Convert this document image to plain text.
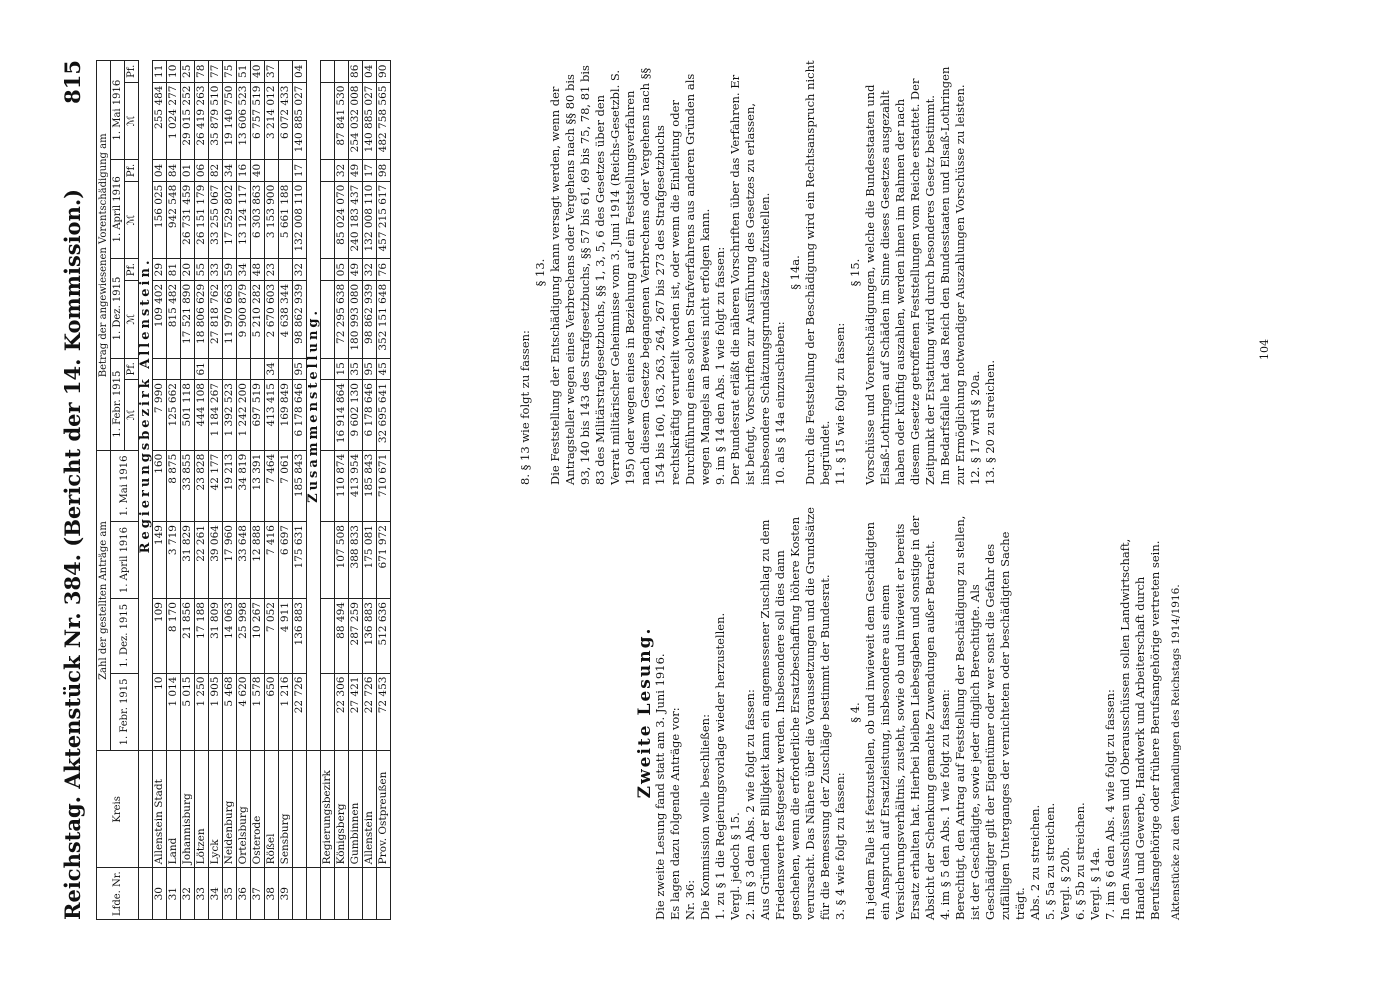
Reichstag. Aktenstück Nr. 384. (Bericht der 14. Kommission.)
815
Lfde. Nr.	Kreis	Zahl der gestellten Anträge am				Betrag der angewiesenen Vorentschädigung am							
		1. Febr. 1915	1. Dez. 1915	1. April 1916	1. Mai 1916	1. Febr. 1915		1. Dez. 1915		1. April 1916		1. Mai 1916	
						ℳ	Pf.	ℳ	Pf.	ℳ	Pf.	ℳ	Pf.
		Regierungsbezirk Allenstein.											
30	Allenstein Stadt	10	109	149	160	7 990		109 402	29	156 025	04	255 484	11
31	Land	1 014	8 170	3 719	8 875	125 662		815 482	81	942 548	84	1 024 277	10
32	Johannisburg	5 015	21 856	31 829	33 855	501 118		17 521 890	20	26 731 459	01	29 015 252	25
33	Lötzen	1 250	17 188	22 261	23 828	444 108	61	18 806 629	55	26 151 179	06	26 419 263	78
34	Lyck	1 905	31 809	39 064	42 177	1 184 267		27 818 762	33	33 255 067	82	35 879 510	77
35	Neidenburg	5 468	14 063	17 960	19 213	1 392 523		11 970 663	59	17 529 802	34	19 140 750	75
36	Ortelsburg	4 620	25 998	33 648	34 819	1 242 200		9 900 879	34	13 124 117	16	13 606 523	51
37	Osterode	1 578	10 267	12 888	13 391	697 519		5 210 282	48	6 303 863	40	6 757 519	40
38	Rößel	650	7 052	7 416	7 464	413 415	34	2 670 603	23	3 153 900		3 214 012	37
39	Sensburg	1 216	4 911	6 697	7 061	169 849		4 638 344		5 661 188		6 072 433	
		22 726	136 883	175 631	185 843	6 178 646	95	98 862 939	32	132 008 110	17	140 885 027	04
		Zusammenstellung.											
	Regierungsbezirk												
	Königsberg	22 306	88 494	107 508	110 874	16 914 864	15	72 295 638	05	85 024 070	32	87 841 530	
	Gumbinnen	27 421	287 259	388 833	413 954	9 602 130	35	180 993 080	49	240 183 437	49	254 032 008	86
	Allenstein	22 726	136 883	175 081	185 843	6 178 646	95	98 862 939	32	132 008 110	17	140 885 027	04
	Prov. Ostpreußen	72 453	512 636	671 972	710 671	32 695 641	45	352 151 648	76	457 215 617	98	482 758 565	90
Zweite Lesung.

Die zweite Lesung fand statt am 3. Juni 1916. Es lagen dazu folgende Anträge vor: Nr. 36: Die Kommission wolle beschließen: 1. zu § 1 die Regierungsvorlage wieder herzustellen. Vergl. jedoch § 15. 2. im § 3 den Abs. 2 wie folgt zu fassen: Aus Gründen der Billigkeit kann ein angemessener Zuschlag zu dem Friedenswerte festgesetzt werden. Insbesondere soll dies dann geschehen, wenn die erforderliche Ersatzbeschaffung höhere Kosten verursacht. Das Nähere über die Voraussetzungen und die Grundsätze für die Bemessung der Zuschläge bestimmt der Bundesrat. 3. § 4 wie folgt zu fassen:

§ 4. In jedem Falle ist festzustellen, ob und inwieweit dem Geschädigten ein Anspruch auf Ersatzleistung, insbesondere aus einem Versicherungsverhältnis, zusteht, sowie ob und inwieweit er bereits Ersatz erhalten hat. Hierbei bleiben Liebesgaben und sonstige in der Absicht der Schenkung gemachte Zuwendungen außer Betracht. 4. im § 5 den Abs. 1 wie folgt zu fassen: Berechtigt, den Antrag auf Feststellung der Beschädigung zu stellen, ist der Geschädigte, sowie jeder dinglich Berechtigte. Als Geschädigter gilt der Eigentümer oder wer sonst die Gefahr des zufälligen Unterganges der vernichteten oder beschädigten Sache trägt. Abs. 2 zu streichen. 5. § 5a zu streichen. Vergl. § 20b. 6. § 5b zu streichen. Vergl. § 14a. 7. im § 6 den Abs. 4 wie folgt zu fassen: In den Ausschüssen und Oberausschüssen sollen Landwirtschaft, Handel und Gewerbe, Handwerk und Arbeiterschaft durch Berufsangehörige oder frühere Berufsangehörige vertreten sein. Aktenstücke zu den Verhandlungen des Reichstags 1914/1916.

8. § 13 wie folgt zu fassen:

§ 13. Die Feststellung der Entschädigung kann versagt werden, wenn der Antragsteller wegen eines Verbrechens oder Vergehens nach §§ 80 bis 93, 140 bis 143 des Strafgesetzbuchs, §§ 57 bis 61, 69 bis 75, 78, 81 bis 83 des Militärstrafgesetzbuchs, §§ 1, 3, 5, 6 des Gesetzes über den Verrat militärischer Geheimnisse vom 3. Juni 1914 (Reichs-Gesetzbl. S. 195) oder wegen eines in Beziehung auf ein Feststellungsverfahren nach diesem Gesetze begangenen Verbrechens oder Vergehens nach §§ 154 bis 160, 163, 263, 264, 267 bis 273 des Strafgesetzbuchs rechtskräftig verurteilt worden ist, oder wenn die Einleitung oder Durchführung eines solchen Strafverfahrens aus anderen Gründen als wegen Mangels an Beweis nicht erfolgen kann. 9. im § 14 den Abs. 1 wie folgt zu fassen: Der Bundesrat erläßt die näheren Vorschriften über das Verfahren. Er ist befugt, Vorschriften zur Ausführung des Gesetzes zu erlassen, insbesondere Schätzungsgrundsätze aufzustellen. 10. als § 14a einzuschieben:

§ 14a. Durch die Feststellung der Beschädigung wird ein Rechtsanspruch nicht begründet. 11. § 15 wie folgt zu fassen:

§ 15. Vorschüsse und Vorentschädigungen, welche die Bundesstaaten und Elsaß-Lothringen auf Schäden im Sinne dieses Gesetzes ausgezahlt haben oder künftig auszahlen, werden ihnen im Rahmen der nach diesem Gesetze getroffenen Feststellungen vom Reiche erstattet. Der Zeitpunkt der Erstattung wird durch besonderes Gesetz bestimmt. Im Bedarfsfalle hat das Reich den Bundesstaaten und Elsaß-Lothringen zur Ermöglichung notwendiger Auszahlungen Vorschüsse zu leisten. 12. § 17 wird § 20a. 13. § 20 zu streichen.

104
